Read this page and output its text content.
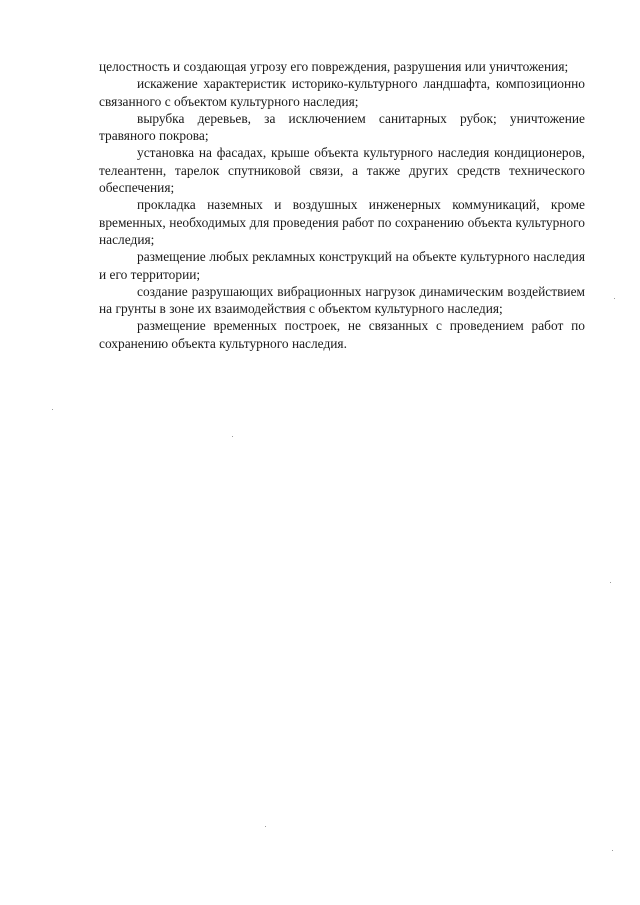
целостность и создающая угрозу его повреждения, разрушения или уничтожения;

искажение характеристик историко-культурного ландшафта, композиционно связанного с объектом культурного наследия;

вырубка деревьев, за исключением санитарных рубок; уничтожение травяного покрова;

установка на фасадах, крыше объекта культурного наследия кондиционеров, телеантенн, тарелок спутниковой связи, а также других средств технического обеспечения;

прокладка наземных и воздушных инженерных коммуникаций, кроме временных, необходимых для проведения работ по сохранению объекта культурного наследия;

размещение любых рекламных конструкций на объекте культурного наследия и его территории;

создание разрушающих вибрационных нагрузок динамическим воздействием на грунты в зоне их взаимодействия с объектом культурного наследия;

размещение временных построек, не связанных с проведением работ по сохранению объекта культурного наследия.
